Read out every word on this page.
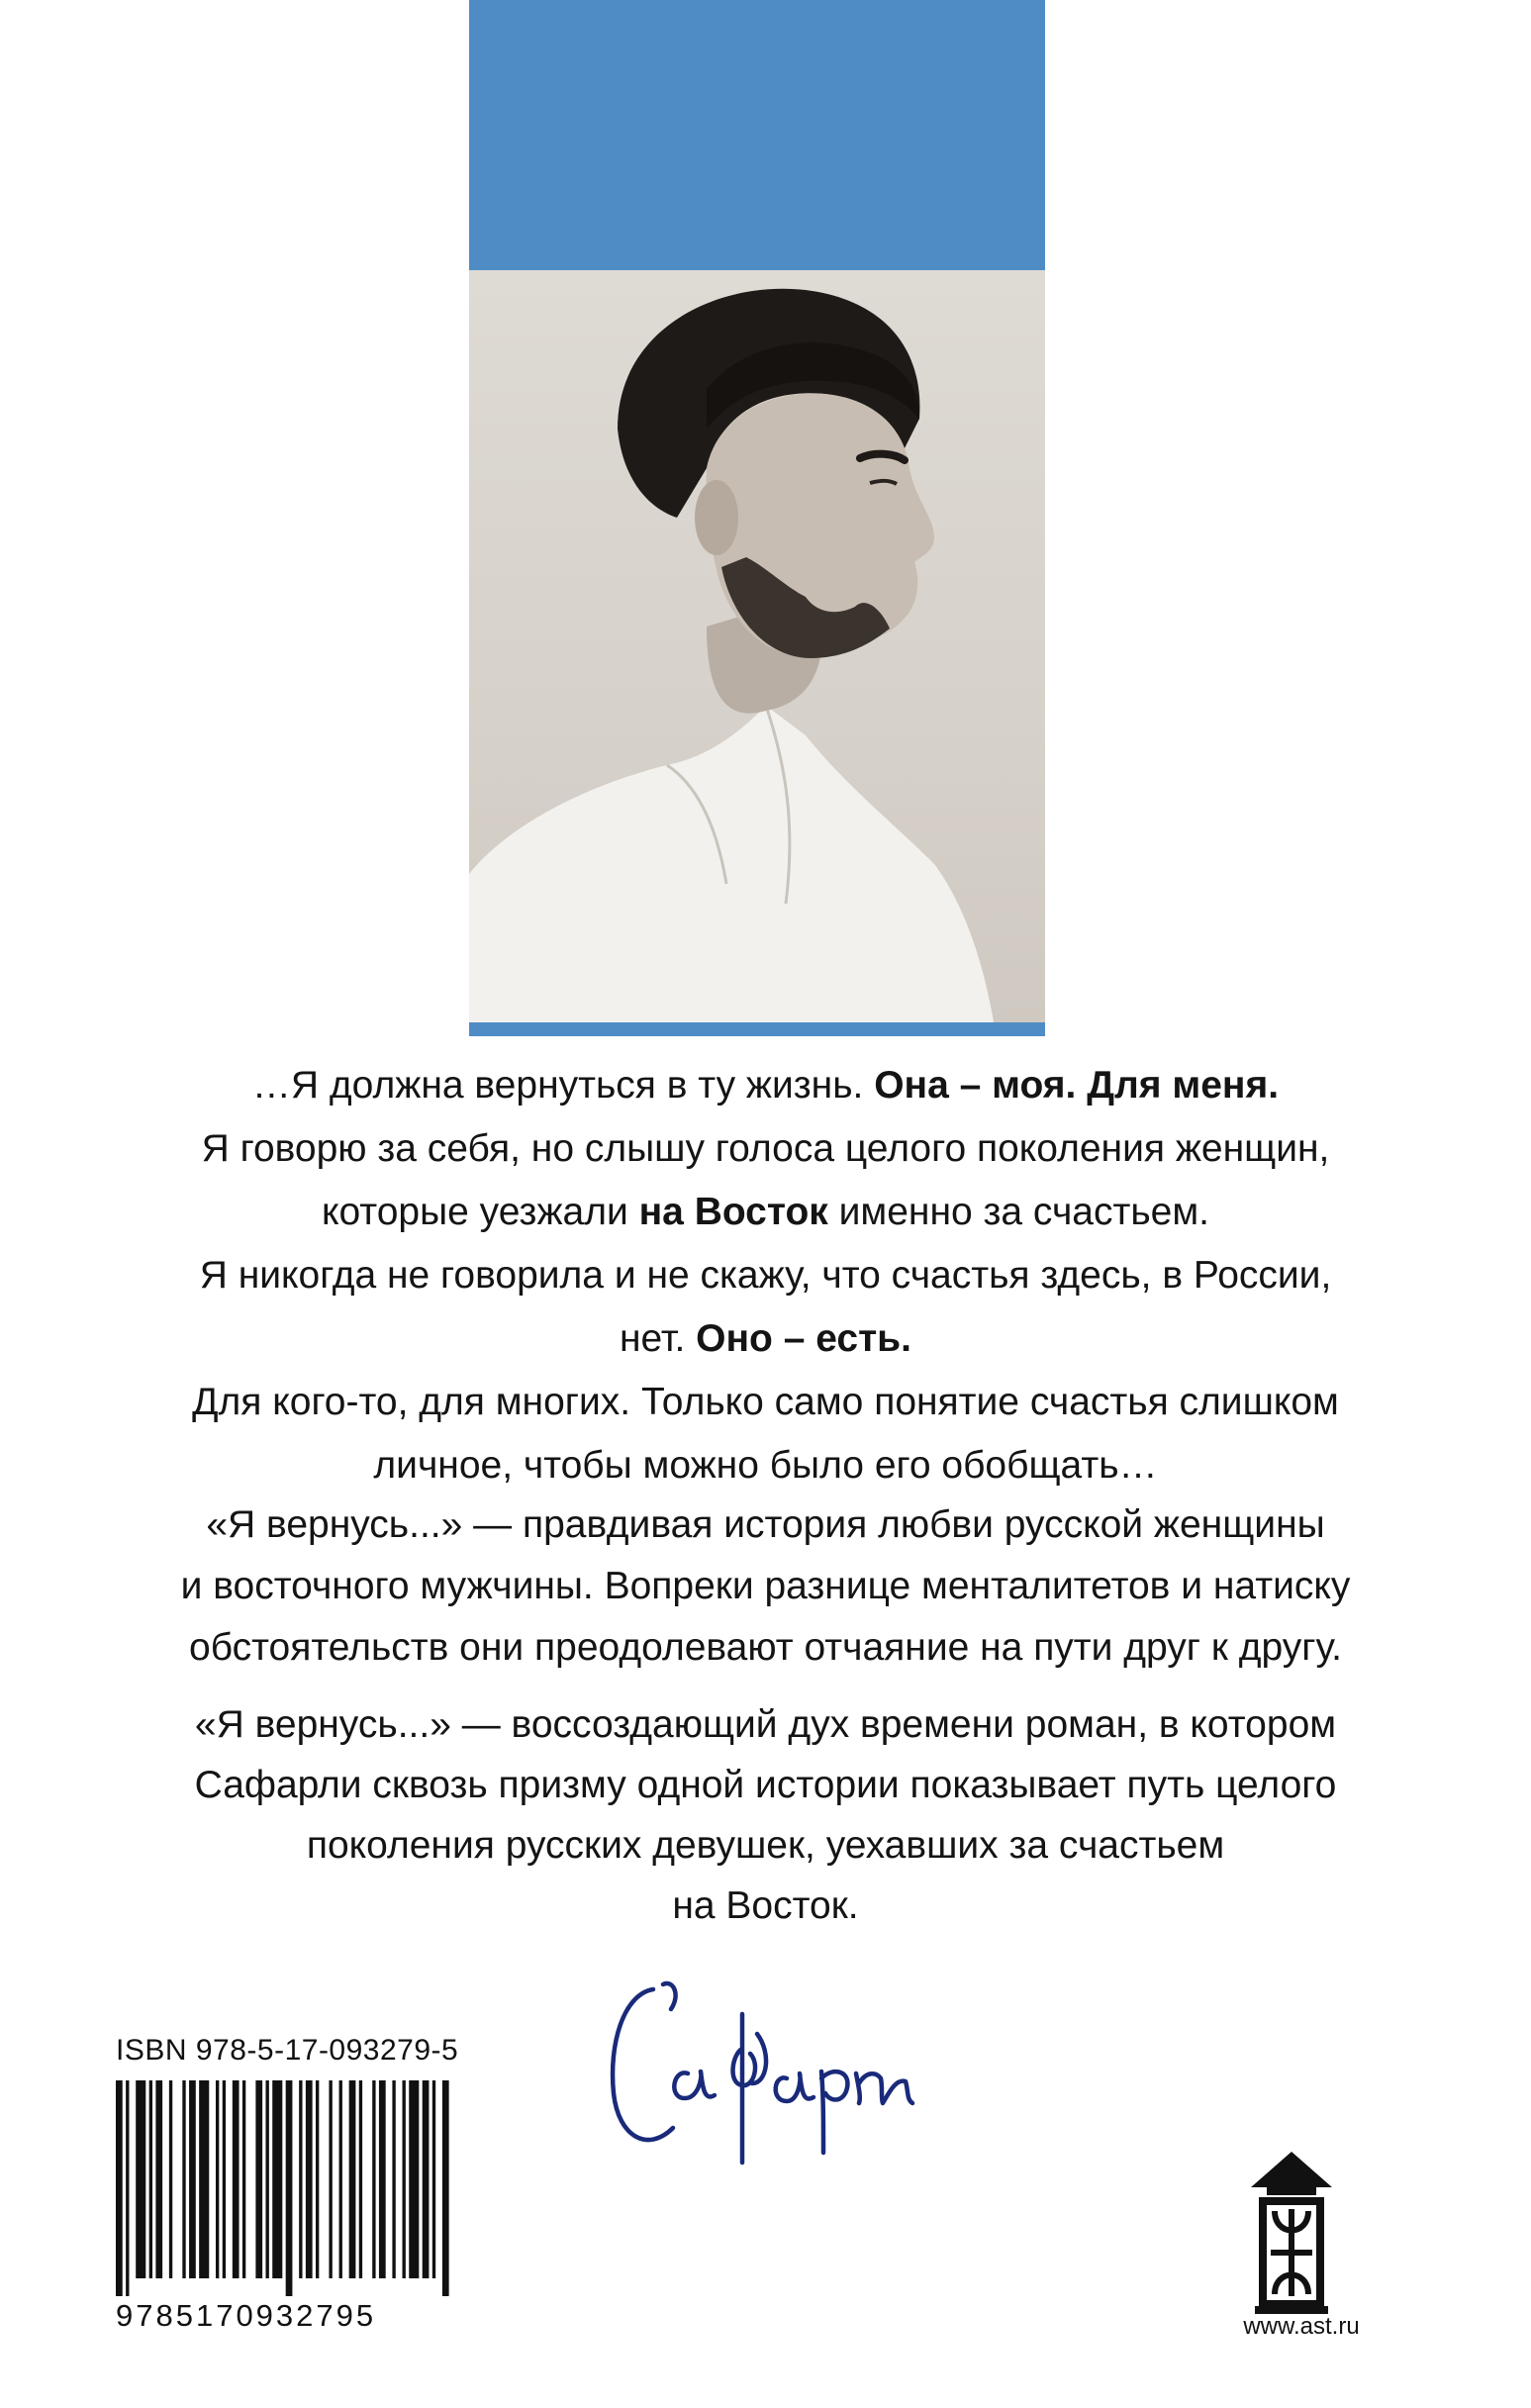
…Я должна вернуться в ту жизнь. Она – моя. Для меня.

Я говорю за себя, но слышу голоса целого поколения женщин,

которые уезжали на Восток именно за счастьем.

Я никогда не говорила и не скажу, что счастья здесь, в России,

нет. Оно – есть.

Для кого-то, для многих. Только само понятие счастья слишком

личное, чтобы можно было его обобщать…

«Я вернусь...» — правдивая история любви русской женщины

и восточного мужчины. Вопреки разнице менталитетов и натиску

обстоятельств они преодолевают отчаяние на пути друг к другу.

«Я вернусь...» — воссоздающий дух времени роман, в котором

Сафарли сквозь призму одной истории показывает путь целого

поколения русских девушек, уехавших за счастьем

на Восток.

ISBN 978-5-17-093279-5
9785170932795	www.ast.ru
